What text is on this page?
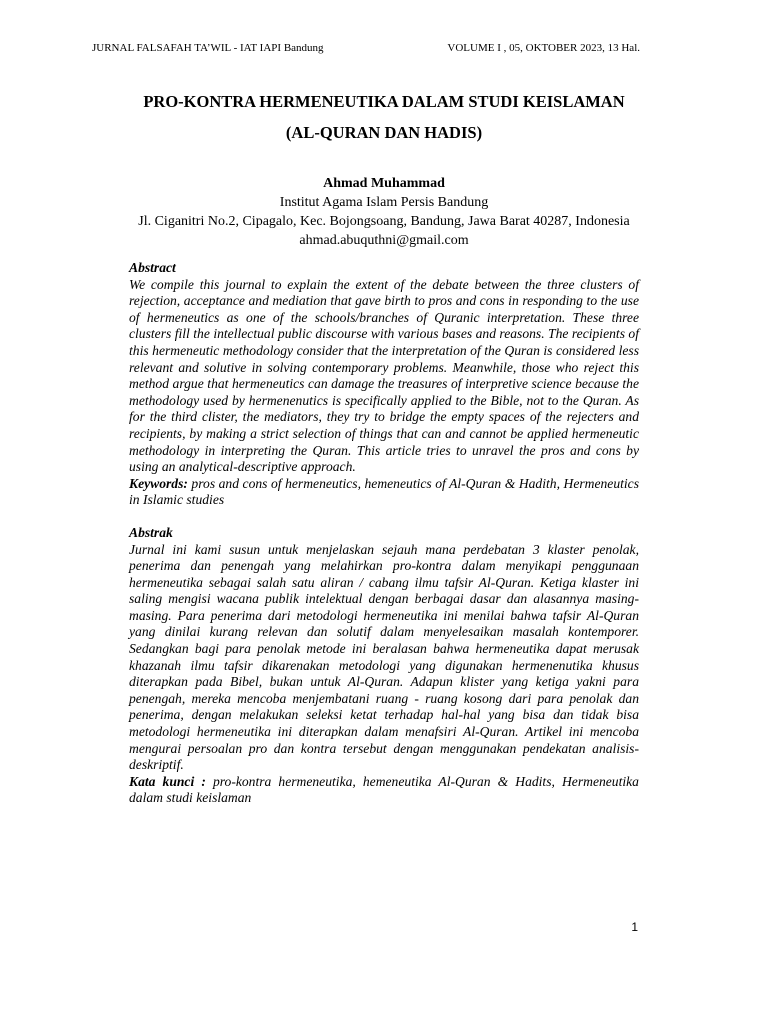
JURNAL FALSAFAH TA’WIL - IAT IAPI Bandung	VOLUME I , 05, OKTOBER 2023, 13 Hal.
PRO-KONTRA HERMENEUTIKA DALAM STUDI KEISLAMAN
(AL-QURAN DAN HADIS)
Ahmad Muhammad
Institut Agama Islam Persis Bandung
Jl. Ciganitri No.2, Cipagalo, Kec. Bojongsoang, Bandung, Jawa Barat 40287, Indonesia
ahmad.abuquthni@gmail.com
Abstract

We compile this journal to explain the extent of the debate between the three clusters of rejection, acceptance and mediation that gave birth to pros and cons in responding to the use of hermeneutics as one of the schools/branches of Quranic interpretation. These three clusters fill the intellectual public discourse with various bases and reasons. The recipients of this hermeneutic methodology consider that the interpretation of the Quran is considered less relevant and solutive in solving contemporary problems. Meanwhile, those who reject this method argue that hermeneutics can damage the treasures of interpretive science because the methodology used by hermenenutics is specifically applied to the Bible, not to the Quran. As for the third clister, the mediators, they try to bridge the empty spaces of the rejecters and recipients, by making a strict selection of things that can and cannot be applied hermeneutic methodology in interpreting the Quran. This article tries to unravel the pros and cons by using an analytical-descriptive approach.

Keywords: pros and cons of hermeneutics, hemeneutics of Al-Quran & Hadith, Hermeneutics in Islamic studies

Abstrak

Jurnal ini kami susun untuk menjelaskan sejauh mana perdebatan 3 klaster penolak, penerima dan penengah yang melahirkan pro-kontra dalam menyikapi penggunaan hermeneutika sebagai salah satu aliran / cabang ilmu tafsir Al-Quran. Ketiga klaster ini saling mengisi wacana publik intelektual dengan berbagai dasar dan alasannya masing-masing. Para penerima dari metodologi hermeneutika ini menilai bahwa tafsir Al-Quran yang dinilai kurang relevan dan solutif dalam menyelesaikan masalah kontemporer. Sedangkan bagi para penolak metode ini beralasan bahwa hermeneutika dapat merusak khazanah ilmu tafsir dikarenakan metodologi yang digunakan hermenenutika khusus diterapkan pada Bibel, bukan untuk Al-Quran. Adapun klister yang ketiga yakni para penengah, mereka mencoba menjembatani ruang - ruang kosong dari para penolak dan penerima, dengan melakukan seleksi ketat terhadap hal-hal yang bisa dan tidak bisa metodologi hermeneutika ini diterapkan dalam menafsiri Al-Quran. Artikel ini mencoba mengurai persoalan pro dan kontra tersebut dengan menggunakan pendekatan analisis-deskriptif.

Kata kunci : pro-kontra hermeneutika, hemeneutika Al-Quran & Hadits, Hermeneutika dalam studi keislaman

1
